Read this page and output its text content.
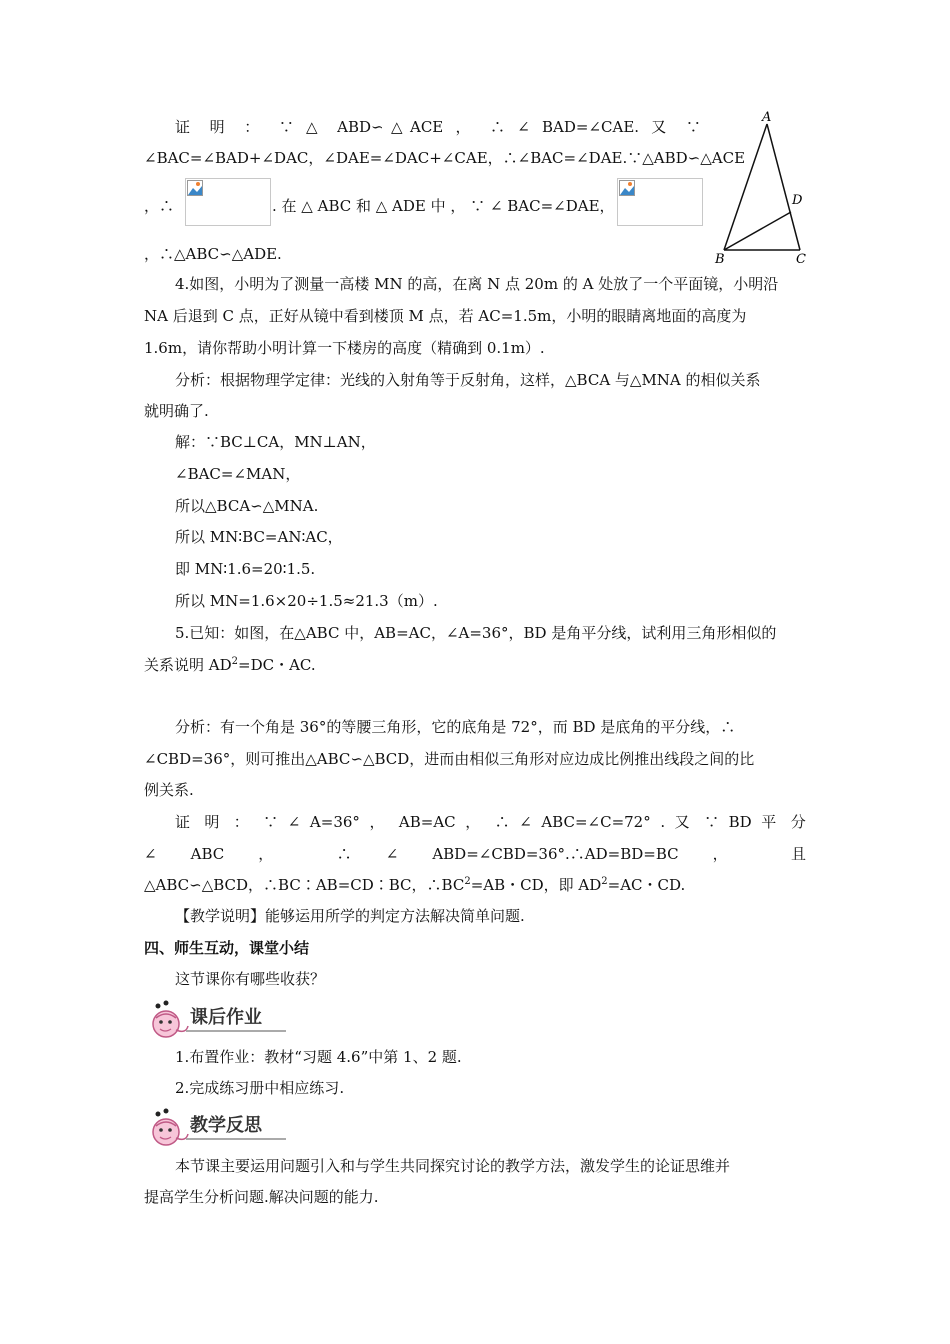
证 明 ： ∵ △ ABD∽△ACE ， ∴ ∠ BAD=∠CAE. 又 ∵
∠BAC=∠BAD+∠DAC，∠DAE=∠DAC+∠CAE，∴∠BAC=∠DAE.∵△ABD∽△ACE
，∴	. 在 △ ABC 和 △ ADE 中 ， ∵ ∠ BAC=∠DAE，
，∴△ABC∽△ADE.
A
B	C
D
4.如图，小明为了测量一高楼 MN 的高，在离 N 点 20m 的 A 处放了一个平面镜，小明沿
NA 后退到 C 点，正好从镜中看到楼顶 M 点，若 AC=1.5m，小明的眼睛离地面的高度为
1.6m，请你帮助小明计算一下楼房的高度（精确到 0.1m）.
分析：根据物理学定律：光线的入射角等于反射角，这样，△BCA 与△MNA 的相似关系
就明确了.
解：∵BC⊥CA，MN⊥AN，
∠BAC=∠MAN，
所以△BCA∽△MNA.
所以 MN∶BC=AN∶AC，
即 MN∶1.6=20∶1.5.
所以 MN=1.6×20÷1.5≈21.3（m）.
5.已知：如图，在△ABC 中，AB=AC，∠A=36°，BD 是角平分线，试利用三角形相似的
关系说明 $AD^2=DC$・AC.
分析：有一个角是 36°的等腰三角形，它的底角是 72°，而 BD 是底角的平分线，∴
∠CBD=36°，则可推出△ABC∽△BCD，进而由相似三角形对应边成比例推出线段之间的比
例关系.
证 明 ： ∵ ∠ A=36° ， AB=AC ， ∴ ∠ ABC=∠C=72° . 又 ∵ BD 平 分
∠ ABC ， ∴ ∠ ABD=∠CBD=36°.∴AD=BD=BC ， 且
△ABC∽△BCD，∴BC∶AB=CD∶BC，$\therefore BC^2=AB$・CD，即 $AD^2=AC$・CD.
【教学说明】能够运用所学的判定方法解决简单问题.
四、师生互动，课堂小结
这节课你有哪些收获？
课后作业
1.布置作业：教材“习题 4.6”中第 1、2 题.
2.完成练习册中相应练习.
教学反思
本节课主要运用问题引入和与学生共同探究讨论的教学方法，激发学生的论证思维并
提高学生分析问题.解决问题的能力.
